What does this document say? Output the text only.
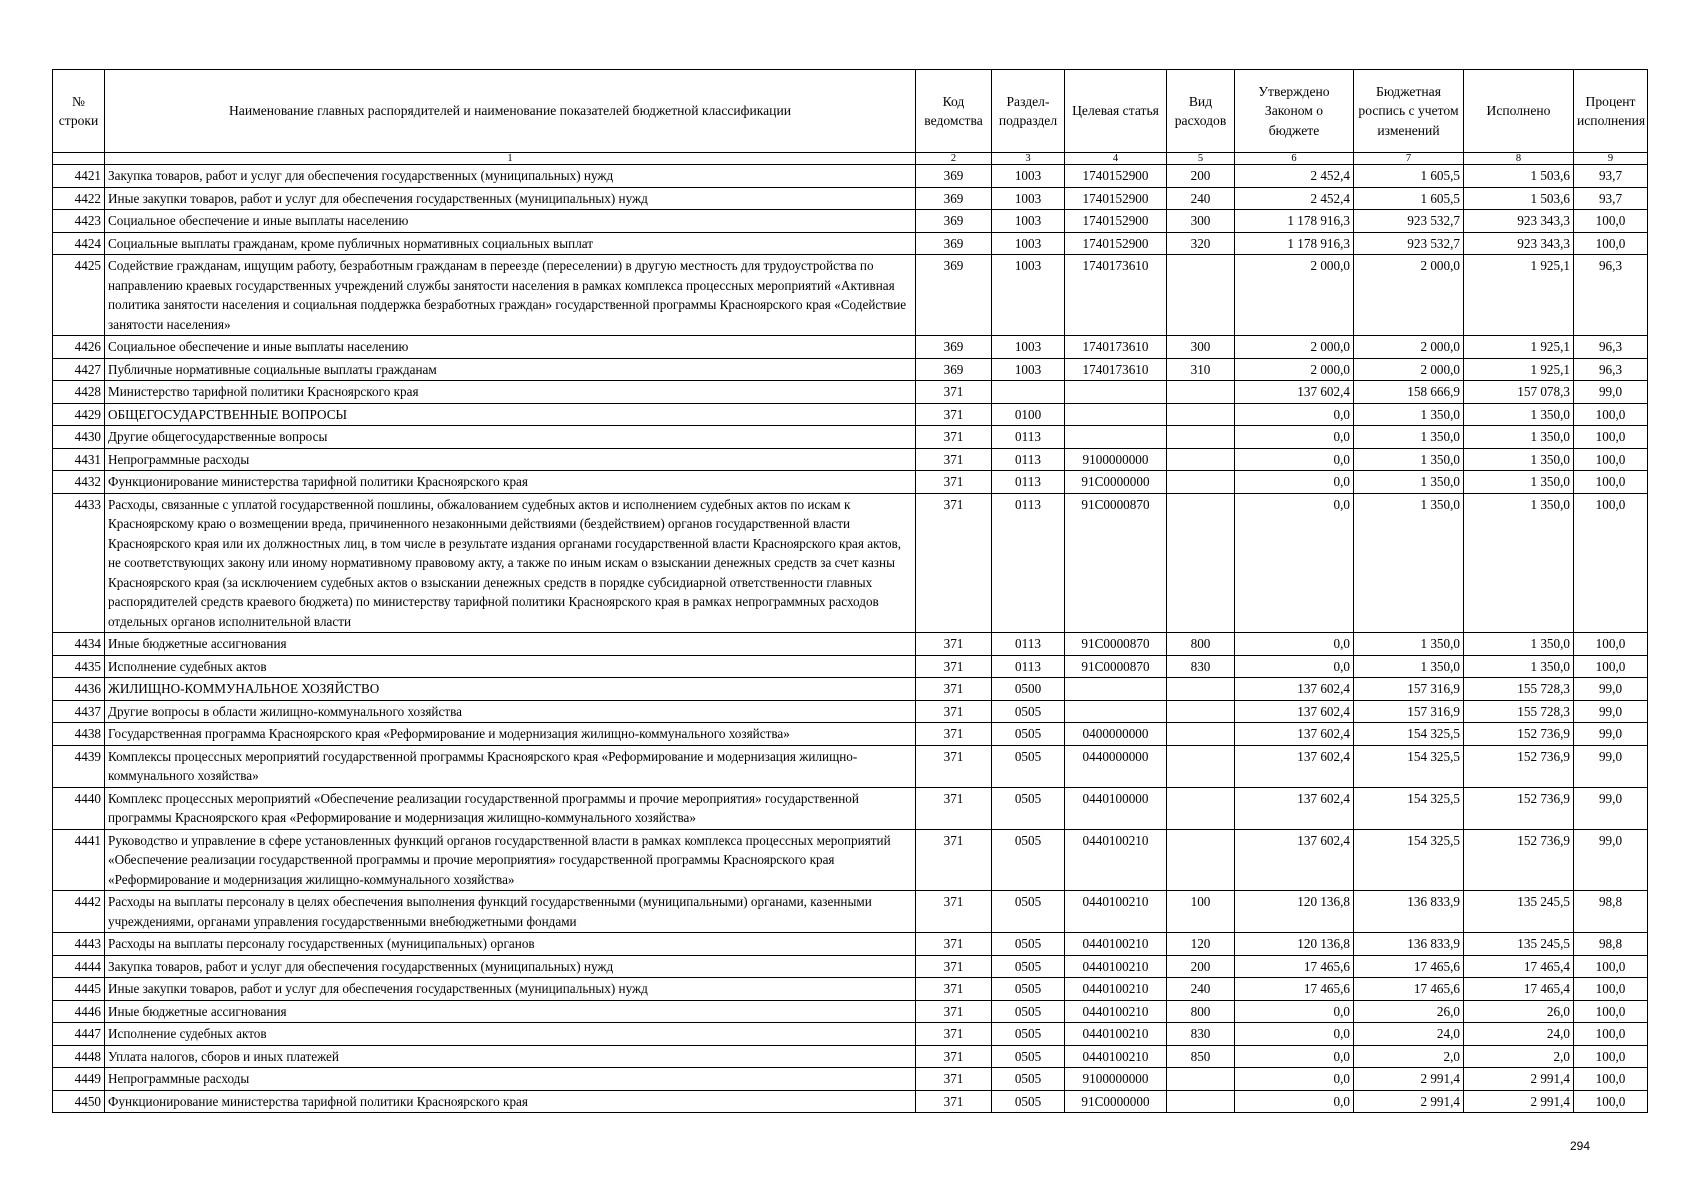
№ строки	Наименование главных распорядителей и наименование показателей бюджетной классификации	Код ведомства	Раздел-подраздел	Целевая статья	Вид расходов	Утверждено Законом о бюджете	Бюджетная роспись с учетом изменений	Исполнено	Процент исполнения
	1	2	3	4	5	6	7	8	9
4421	Закупка товаров, работ и услуг для обеспечения государственных (муниципальных) нужд	369	1003	1740152900	200	2 452,4	1 605,5	1 503,6	93,7
4422	Иные закупки товаров, работ и услуг для обеспечения государственных (муниципальных) нужд	369	1003	1740152900	240	2 452,4	1 605,5	1 503,6	93,7
4423	Социальное обеспечение и иные выплаты населению	369	1003	1740152900	300	1 178 916,3	923 532,7	923 343,3	100,0
4424	Социальные выплаты гражданам, кроме публичных нормативных социальных выплат	369	1003	1740152900	320	1 178 916,3	923 532,7	923 343,3	100,0
4425	Содействие гражданам, ищущим работу, безработным гражданам в переезде (переселении) в другую местность для трудоустройства по направлению краевых государственных учреждений службы занятости населения в рамках комплекса процессных мероприятий «Активная политика занятости населения и социальная поддержка безработных граждан» государственной программы Красноярского края «Содействие занятости населения»	369	1003	1740173610		2 000,0	2 000,0	1 925,1	96,3
4426	Социальное обеспечение и иные выплаты населению	369	1003	1740173610	300	2 000,0	2 000,0	1 925,1	96,3
4427	Публичные нормативные социальные выплаты гражданам	369	1003	1740173610	310	2 000,0	2 000,0	1 925,1	96,3
4428	Министерство тарифной политики Красноярского края	371				137 602,4	158 666,9	157 078,3	99,0
4429	ОБЩЕГОСУДАРСТВЕННЫЕ ВОПРОСЫ	371	0100			0,0	1 350,0	1 350,0	100,0
4430	Другие общегосударственные вопросы	371	0113			0,0	1 350,0	1 350,0	100,0
4431	Непрограммные расходы	371	0113	9100000000		0,0	1 350,0	1 350,0	100,0
4432	Функционирование министерства тарифной политики Красноярского края	371	0113	91С0000000		0,0	1 350,0	1 350,0	100,0
4433	Расходы, связанные с уплатой государственной пошлины, обжалованием судебных актов и исполнением судебных актов по искам к Красноярскому краю о возмещении вреда, причиненного незаконными действиями (бездействием) органов государственной власти Красноярского края или их должностных лиц, в том числе в результате издания органами государственной власти Красноярского края актов, не соответствующих закону или иному нормативному правовому акту, а также по иным искам о взыскании денежных средств за счет казны Красноярского края (за исключением судебных актов о взыскании денежных средств в порядке субсидиарной ответственности главных распорядителей средств краевого бюджета) по министерству тарифной политики Красноярского края в рамках непрограммных расходов отдельных органов исполнительной власти	371	0113	91С0000870		0,0	1 350,0	1 350,0	100,0
4434	Иные бюджетные ассигнования	371	0113	91С0000870	800	0,0	1 350,0	1 350,0	100,0
4435	Исполнение судебных актов	371	0113	91С0000870	830	0,0	1 350,0	1 350,0	100,0
4436	ЖИЛИЩНО-КОММУНАЛЬНОЕ ХОЗЯЙСТВО	371	0500			137 602,4	157 316,9	155 728,3	99,0
4437	Другие вопросы в области жилищно-коммунального хозяйства	371	0505			137 602,4	157 316,9	155 728,3	99,0
4438	Государственная программа Красноярского края «Реформирование и модернизация жилищно-коммунального хозяйства»	371	0505	0400000000		137 602,4	154 325,5	152 736,9	99,0
4439	Комплексы процессных мероприятий государственной программы Красноярского края «Реформирование и модернизация жилищно-коммунального хозяйства»	371	0505	0440000000		137 602,4	154 325,5	152 736,9	99,0
4440	Комплекс процессных мероприятий «Обеспечение реализации государственной программы и прочие мероприятия» государственной программы Красноярского края «Реформирование и модернизация жилищно-коммунального хозяйства»	371	0505	0440100000		137 602,4	154 325,5	152 736,9	99,0
4441	Руководство и управление в сфере установленных функций органов государственной власти в рамках комплекса процессных мероприятий «Обеспечение реализации государственной программы и прочие мероприятия» государственной программы Красноярского края «Реформирование и модернизация жилищно-коммунального хозяйства»	371	0505	0440100210		137 602,4	154 325,5	152 736,9	99,0
4442	Расходы на выплаты персоналу в целях обеспечения выполнения функций государственными (муниципальными) органами, казенными учреждениями, органами управления государственными внебюджетными фондами	371	0505	0440100210	100	120 136,8	136 833,9	135 245,5	98,8
4443	Расходы на выплаты персоналу государственных (муниципальных) органов	371	0505	0440100210	120	120 136,8	136 833,9	135 245,5	98,8
4444	Закупка товаров, работ и услуг для обеспечения государственных (муниципальных) нужд	371	0505	0440100210	200	17 465,6	17 465,6	17 465,4	100,0
4445	Иные закупки товаров, работ и услуг для обеспечения государственных (муниципальных) нужд	371	0505	0440100210	240	17 465,6	17 465,6	17 465,4	100,0
4446	Иные бюджетные ассигнования	371	0505	0440100210	800	0,0	26,0	26,0	100,0
4447	Исполнение судебных актов	371	0505	0440100210	830	0,0	24,0	24,0	100,0
4448	Уплата налогов, сборов и иных платежей	371	0505	0440100210	850	0,0	2,0	2,0	100,0
4449	Непрограммные расходы	371	0505	9100000000		0,0	2 991,4	2 991,4	100,0
4450	Функционирование министерства тарифной политики Красноярского края	371	0505	91С0000000		0,0	2 991,4	2 991,4	100,0
294
